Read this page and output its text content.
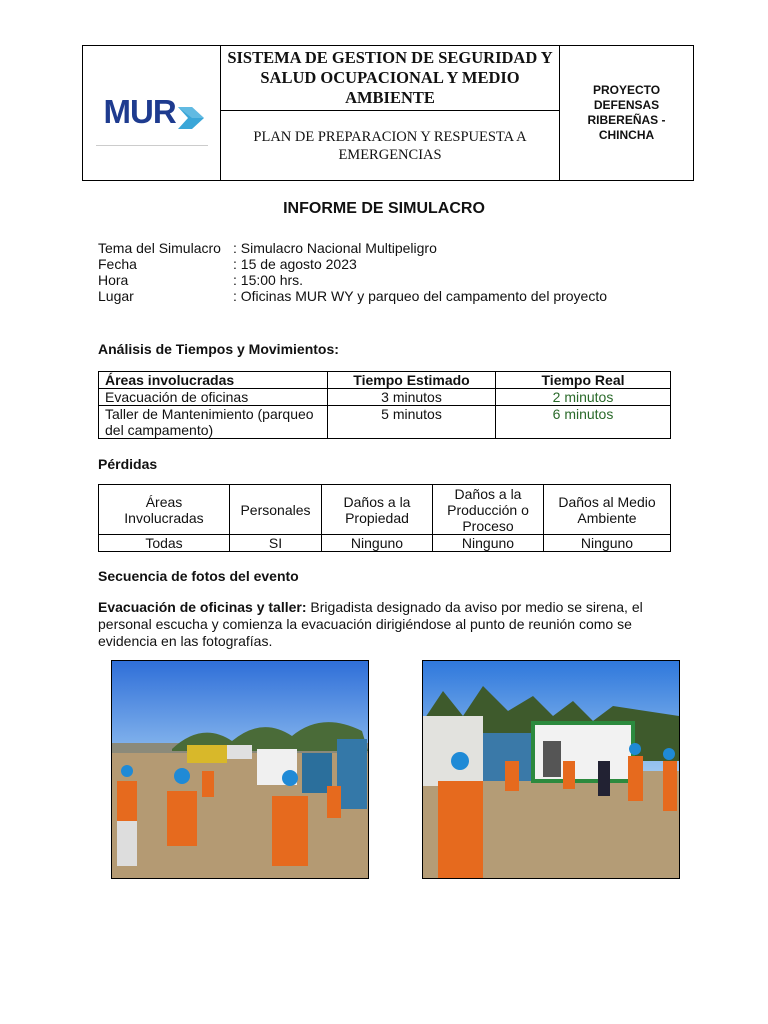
MUR
SISTEMA DE GESTION DE SEGURIDAD Y SALUD OCUPACIONAL Y MEDIO AMBIENTE
PLAN DE PREPARACION Y RESPUESTA A EMERGENCIAS
PROYECTO DEFENSAS RIBEREÑAS - CHINCHA
INFORME DE SIMULACRO
Tema del Simulacro : Simulacro Nacional Multipeligro
Fecha	: 15 de agosto 2023
Hora	: 15:00 hrs.
Lugar	: Oficinas MUR WY y parqueo del campamento del proyecto
Análisis de Tiempos y Movimientos:
Áreas involucradas	Tiempo Estimado	Tiempo Real
Evacuación de oficinas	3 minutos	2 minutos
Taller de Mantenimiento (parqueo del campamento)	5 minutos	6 minutos
Pérdidas
Áreas Involucradas	Personales	Daños a la Propiedad	Daños a la Producción o Proceso	Daños al Medio Ambiente
Todas	SI	Ninguno	Ninguno	Ninguno
Secuencia de fotos del evento
Evacuación de oficinas y taller: Brigadista designado da aviso por medio se sirena, el personal escucha y comienza la evacuación dirigiéndose al punto de reunión como se evidencia en las fotografías.
